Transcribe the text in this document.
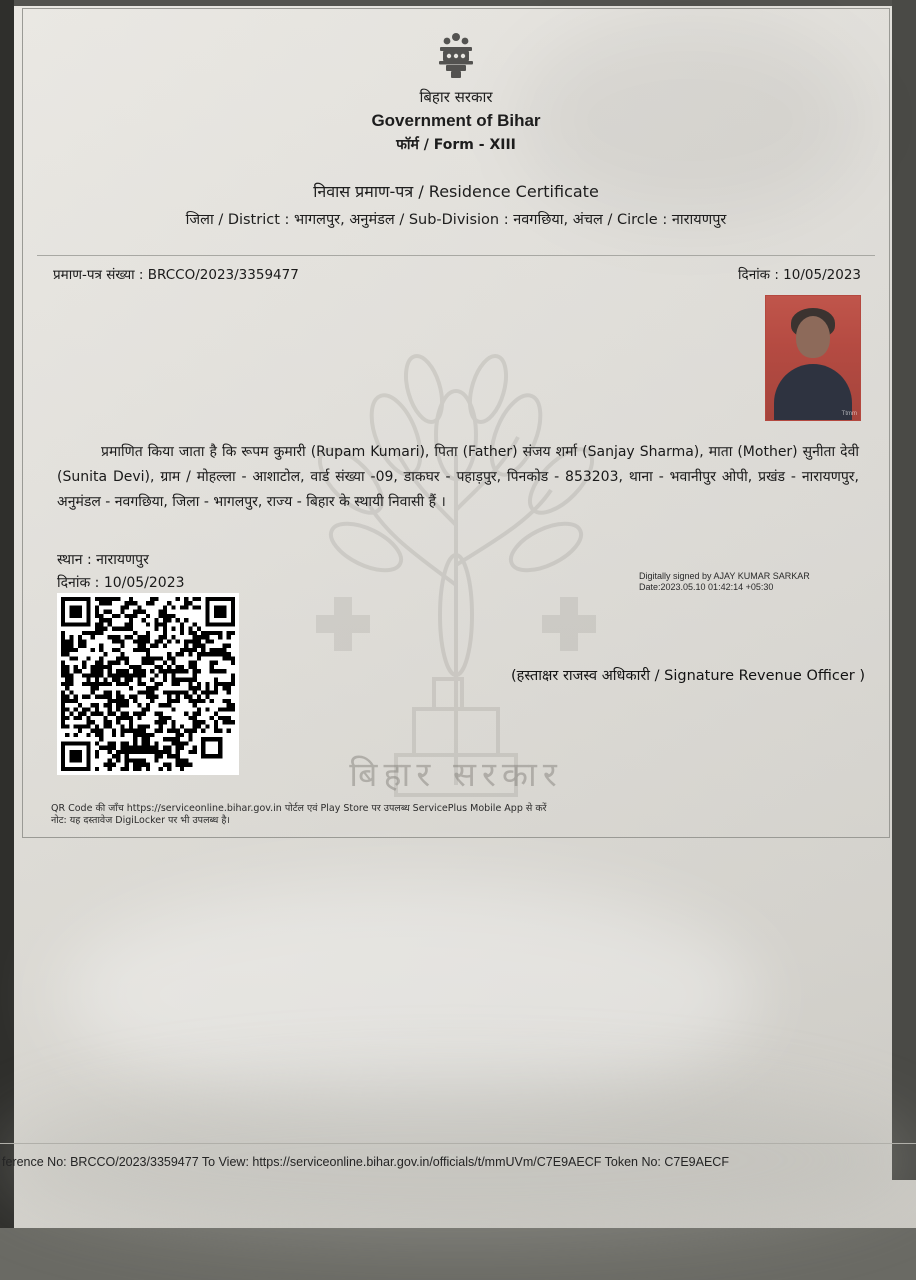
बिहार सरकार
बिहार सरकार
Government of Bihar
फॉर्म / Form - XIII
निवास प्रमाण-पत्र / Residence Certificate
जिला / District : भागलपुर, अनुमंडल / Sub-Division : नवगछिया, अंचल / Circle : नारायणपुर
प्रमाण-पत्र संख्या : BRCCO/2023/3359477	दिनांक : 10/05/2023
Ttmm
प्रमाणित किया जाता है कि रूपम कुमारी (Rupam Kumari), पिता (Father) संजय शर्मा (Sanjay Sharma), माता (Mother) सुनीता देवी (Sunita Devi), ग्राम / मोहल्ला - आशाटोल, वार्ड संख्या -09, डाकघर - पहाड़पुर, पिनकोड - 853203, थाना - भवानीपुर ओपी, प्रखंड - नारायणपुर, अनुमंडल - नवगछिया, जिला - भागलपुर, राज्य - बिहार के स्थायी निवासी हैं ।
स्थान : नारायणपुर
दिनांक : 10/05/2023	Digitally signed by AJAY KUMAR SARKAR
Date:2023.05.10 01:42:14 +05:30
(हस्ताक्षर राजस्व अधिकारी / Signature Revenue Officer )
QR Code की जाँच https://serviceonline.bihar.gov.in पोर्टल एवं Play Store पर उपलब्ध ServicePlus Mobile App से करें
नोट: यह दस्तावेज DigiLocker पर भी उपलब्ध है।
ference No: BRCCO/2023/3359477 To View: https://serviceonline.bihar.gov.in/officials/t/mmUVm/C7E9AECF Token No: C7E9AECF
